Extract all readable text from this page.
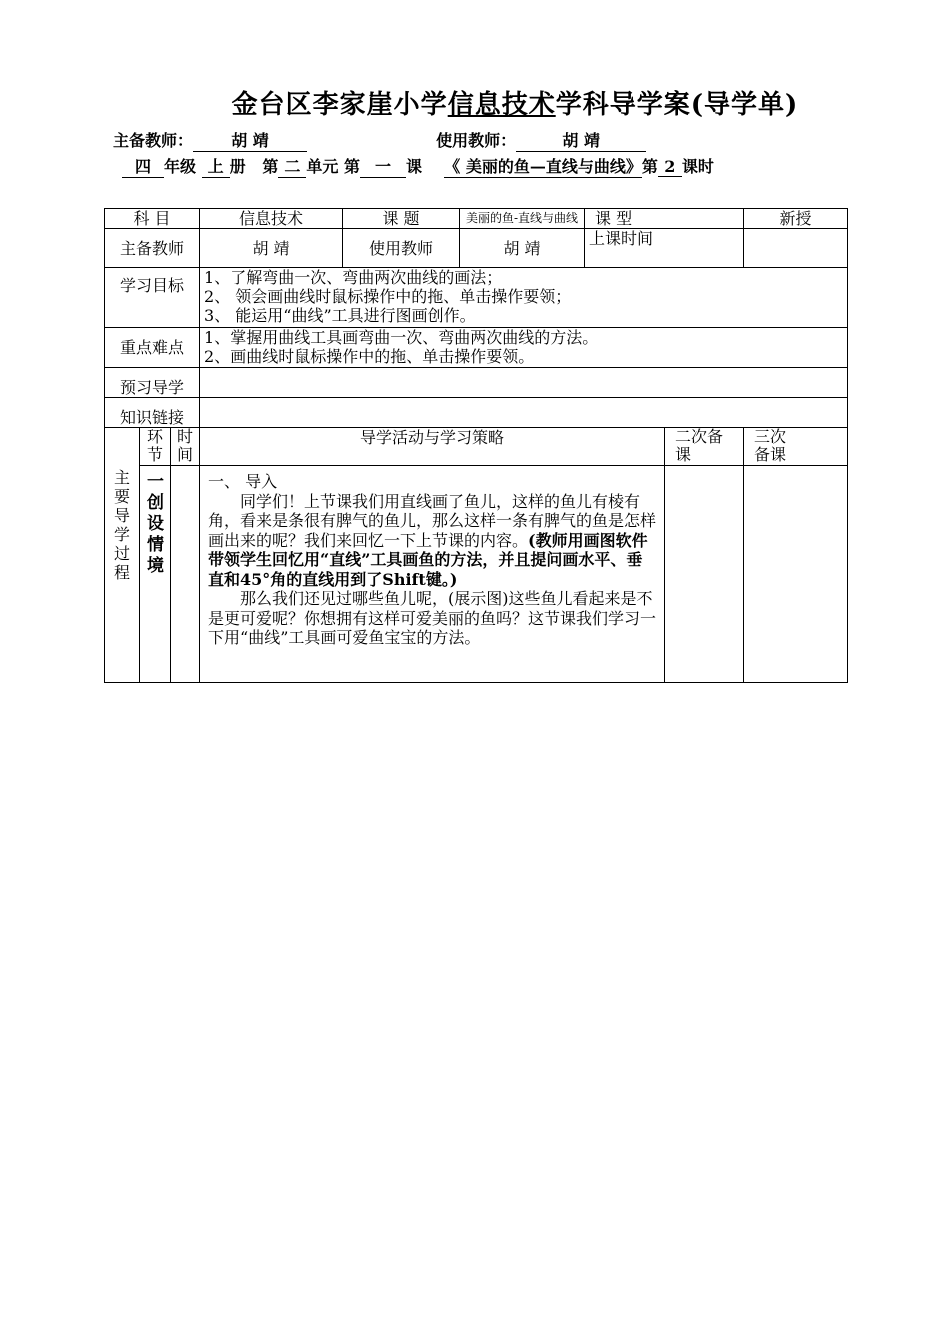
金台区李家崖小学信息技术学科导学案(导学单)
主备教师： 胡 靖	使用教师：	胡 靖
四 年级 上 册 第 二 单元 第 一 课 《 美丽的鱼—直线与曲线》第 2 课时
科 目			信息技术	课 题	美丽的鱼-直线与曲线	课 型		新授
主备教师			胡 靖	使用教师	胡 靖	上课时间		
学习目标			1、了解弯曲一次、弯曲两次曲线的画法；
2、 领会画曲线时鼠标操作中的拖、单击操作要领；
3、 能运用“曲线”工具进行图画创作。					

重点难点			1、掌握用曲线工具画弯曲一次、弯曲两次曲线的方法。
2、画曲线时鼠标操作中的拖、单击操作要领。					

预习导学								
知识链接								
主要导学过程	环节	时间	导学活动与学习策略				二次备课	三次备课
	一创设情境		一、 导入
同学们！上节课我们用直线画了鱼儿，这样的鱼儿有棱有角，看来是条很有脾气的鱼儿，那么这样一条有脾气的鱼是怎样画出来的呢？我们来回忆一下上节课的内容。(教师用画图软件带领学生回忆用“直线”工具画鱼的方法，并且提问画水平、垂直和45°角的直线用到了Shift键。)
那么我们还见过哪些鱼儿呢，(展示图)这些鱼儿看起来是不是更可爱呢？你想拥有这样可爱美丽的鱼吗？这节课我们学习一下用“曲线”工具画可爱鱼宝宝的方法。					
